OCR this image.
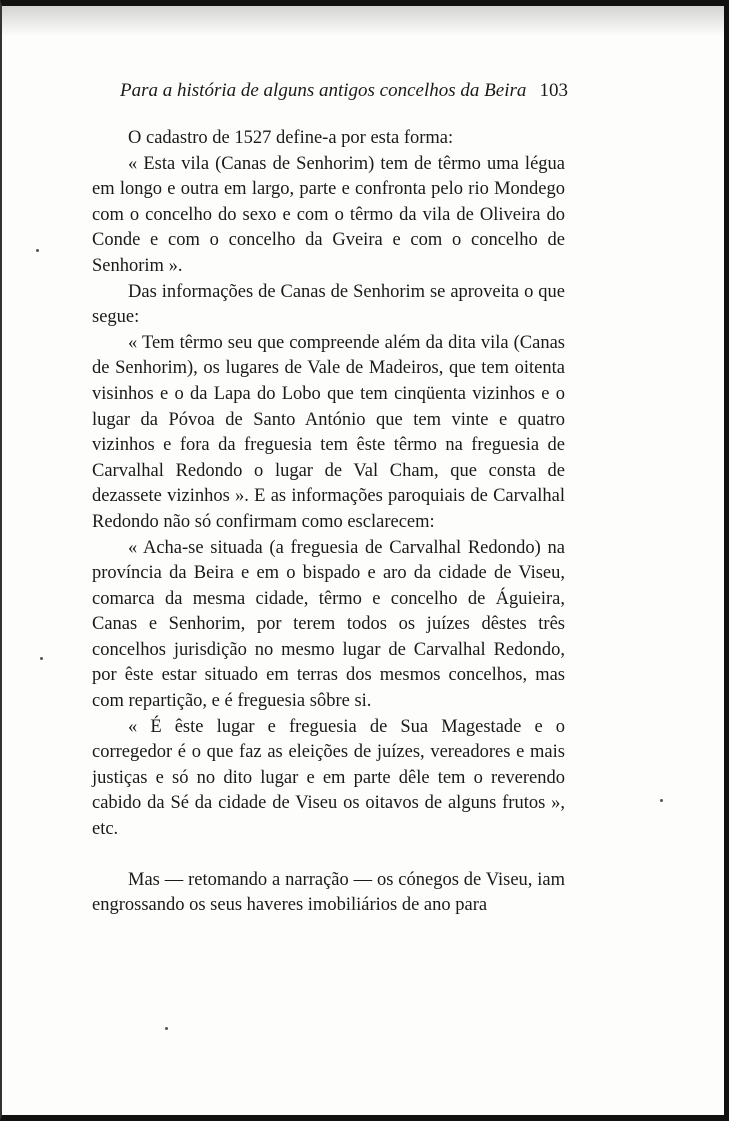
Para a história de alguns antigos concelhos da Beira 103

O cadastro de 1527 define-a por esta forma:

« Esta vila (Canas de Senhorim) tem de têrmo uma légua em longo e outra em largo, parte e confronta pelo rio Mondego com o concelho do sexo e com o têrmo da vila de Oliveira do Conde e com o concelho da Gveira e com o concelho de Senhorim ».

Das informações de Canas de Senhorim se aproveita o que segue:

« Tem têrmo seu que compreende além da dita vila (Canas de Senhorim), os lugares de Vale de Madeiros, que tem oitenta visinhos e o da Lapa do Lobo que tem cinqüenta vizinhos e o lugar da Póvoa de Santo António que tem vinte e quatro vizinhos e fora da freguesia tem êste têrmo na freguesia de Carvalhal Redondo o lugar de Val Cham, que consta de dezassete vizinhos ». E as informações paroquiais de Carvalhal Redondo não só confirmam como esclarecem:

« Acha-se situada (a freguesia de Carvalhal Redondo) na província da Beira e em o bispado e aro da cidade de Viseu, comarca da mesma cidade, têrmo e concelho de Águieira, Canas e Senhorim, por terem todos os juízes dêstes três concelhos jurisdição no mesmo lugar de Carvalhal Redondo, por êste estar situado em terras dos mesmos concelhos, mas com repartição, e é freguesia sôbre si.

« É êste lugar e freguesia de Sua Magestade e o corregedor é o que faz as eleições de juízes, vereadores e mais justiças e só no dito lugar e em parte dêle tem o reverendo cabido da Sé da cidade de Viseu os oitavos de alguns frutos », etc.

Mas — retomando a narração — os cónegos de Viseu, iam engrossando os seus haveres imobiliários de ano para
